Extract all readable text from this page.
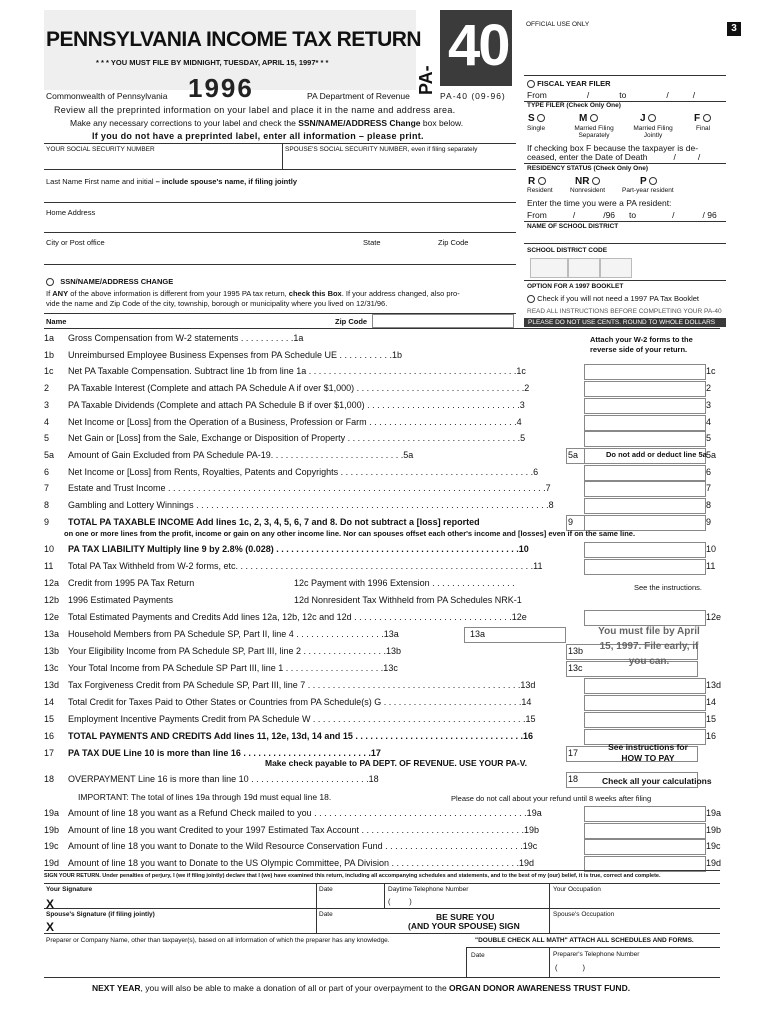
PENNSYLVANIA INCOME TAX RETURN
* * * YOU MUST FILE BY MIDNIGHT, TUESDAY, APRIL 15, 1997* * *
Commonwealth of Pennsylvania 1996	PA Department of Revenue	PA-40 (09-96)
PA-
40	OFFICIAL USE ONLY	3
FISCAL YEAR FILER
From	/	to	/	/
TYPE FILER (Check Only One)
S
Single
M
Married Filing Separately
J
Married Filing Jointly
F
Final
If checking box F because the taxpayer is de-
ceased, enter the Date of Death	/	/
RESIDENCY STATUS (Check Only One)
R
Resident
NR
Nonresident
P
Part-year resident
Enter the time you were a PA resident:
From	/	/96 to	/	/ 96
NAME OF SCHOOL DISTRICT
SCHOOL DISTRICT CODE
OPTION FOR A 1997 BOOKLET
Check if you will not need a 1997 PA Tax Booklet
READ ALL INSTRUCTIONS BEFORE COMPLETING YOUR PA-40
PLEASE DO NOT USE CENTS. ROUND TO WHOLE DOLLARS
Review all the preprinted information on your label and place it in the name and address area.
Make any necessary corrections to your label and check the SSN/NAME/ADDRESS Change box below.
If you do not have a preprinted label, enter all information – please print.
YOUR SOCIAL SECURITY NUMBER	SPOUSE'S SOCIAL SECURITY NUMBER, even if filing separately
Last Name First name and initial – include spouse's name, if filing jointly
Home Address
City or Post office	State	Zip Code
SSN/NAME/ADDRESS CHANGE
If ANY of the above information is different from your 1995 PA tax return, check this Box. If your address changed, also pro-
vide the name and Zip Code of the city, township, borough or municipality where you lived on 12/31/96.
Name	Zip Code
1a Gross Compensation from W-2 statements . . . . . . . . . . .1a
1b Unreimbursed Employee Business Expenses from PA Schedule UE . . . . . . . . . . .1b
1c Net PA Taxable Compensation. Subtract line 1b from line 1a . . . . . . . . . . . . . . . . . . . . . . . . . . . . . . . . . . . . . . . . . .1c	1c
2 PA Taxable Interest (Complete and attach PA Schedule A if over $1,000) . . . . . . . . . . . . . . . . . . . . . . . . . . . . . . . . . .2	2
3 PA Taxable Dividends (Complete and attach PA Schedule B if over $1,000) . . . . . . . . . . . . . . . . . . . . . . . . . . . . . . .3	3
4 Net Income or [Loss] from the Operation of a Business, Profession or Farm . . . . . . . . . . . . . . . . . . . . . . . . . . . . . .4	4
5 Net Gain or [Loss] from the Sale, Exchange or Disposition of Property . . . . . . . . . . . . . . . . . . . . . . . . . . . . . . . . . . .5	5
5a Amount of Gain Excluded from PA Schedule PA-19. . . . . . . . . . . . . . . . . . . . . . . . . . .5a	5a	5a
6 Net Income or [Loss] from Rents, Royalties, Patents and Copyrights . . . . . . . . . . . . . . . . . . . . . . . . . . . . . . . . . . . . . . .6	6
7 Estate and Trust Income . . . . . . . . . . . . . . . . . . . . . . . . . . . . . . . . . . . . . . . . . . . . . . . . . . . . . . . . . . . . . . . . . . . . . . . . . . . .7	7
8 Gambling and Lottery Winnings . . . . . . . . . . . . . . . . . . . . . . . . . . . . . . . . . . . . . . . . . . . . . . . . . . . . . . . . . . . . . . . . . . . . . . .8	8
9 TOTAL PA TAXABLE INCOME Add lines 1c, 2, 3, 4, 5, 6, 7 and 8. Do not subtract a [loss] reported	9	9
10 PA TAX LIABILITY Multiply line 9 by 2.8% (0.028) . . . . . . . . . . . . . . . . . . . . . . . . . . . . . . . . . . . . . . . . . . . . . . . . .10	10
11 Total PA Tax Withheld from W-2 forms, etc. . . . . . . . . . . . . . . . . . . . . . . . . . . . . . . . . . . . . . . . . . . . . . . . . . . . . . . . . . . .11	11
12a Credit from 1995 PA Tax Return	12c Payment with 1996 Extension . . . . . . . . . . . . . . . . .
12b 1996 Estimated Payments	12d Nonresident Tax Withheld from PA Schedules NRK-1
12e Total Estimated Payments and Credits Add lines 12a, 12b, 12c and 12d . . . . . . . . . . . . . . . . . . . . . . . . . . . . . . . .12e	12e
13a Household Members from PA Schedule SP, Part II, line 4 . . . . . . . . . . . . . . . . . .13a	13a
13b Your Eligibility Income from PA Schedule SP, Part III, line 2 . . . . . . . . . . . . . . . . .13b	13b
13c Your Total Income from PA Schedule SP Part III, line 1 . . . . . . . . . . . . . . . . . . . .13c	13c
13d Tax Forgiveness Credit from PA Schedule SP, Part III, line 7 . . . . . . . . . . . . . . . . . . . . . . . . . . . . . . . . . . . . . . . . . . .13d	13d
14 Total Credit for Taxes Paid to Other States or Countries from PA Schedule(s) G . . . . . . . . . . . . . . . . . . . . . . . . . . . .14	14
15 Employment Incentive Payments Credit from PA Schedule W . . . . . . . . . . . . . . . . . . . . . . . . . . . . . . . . . . . . . . . . . . .15	15
16 TOTAL PAYMENTS AND CREDITS Add lines 11, 12e, 13d, 14 and 15 . . . . . . . . . . . . . . . . . . . . . . . . . . . . . . . . . .16	16
17 PA TAX DUE Line 10 is more than line 16 . . . . . . . . . . . . . . . . . . . . . . . . . .17	17
18 OVERPAYMENT Line 16 is more than line 10 . . . . . . . . . . . . . . . . . . . . . . . .18	18
19a Amount of line 18 you want as a Refund Check mailed to you . . . . . . . . . . . . . . . . . . . . . . . . . . . . . . . . . . . . . . . . . . .19a	19a
19b Amount of line 18 you want Credited to your 1997 Estimated Tax Account . . . . . . . . . . . . . . . . . . . . . . . . . . . . . . . . .19b	19b
19c Amount of line 18 you want to Donate to the Wild Resource Conservation Fund . . . . . . . . . . . . . . . . . . . . . . . . . . . .19c	19c
19d Amount of line 18 you want to Donate to the US Olympic Committee, PA Division . . . . . . . . . . . . . . . . . . . . . . . . . .19d	19d
Attach your W-2 forms to the reverse side of your return.
Do not add or deduct line 5a
on one or more lines from the profit, income or gain on any other income line. Nor can spouses offset each other's income and [losses] even if on the same line.
See the instructions.
You must file by April 15, 1997. File early, if you can.
See instructions for HOW TO PAY
Make check payable to PA DEPT. OF REVENUE. USE YOUR PA-V.
Check all your calculations
IMPORTANT: The total of lines 19a through 19d must equal line 18.	Please do not call about your refund until 8 weeks after filing
SIGN YOUR RETURN. Under penalties of perjury, I (we if filing jointly) declare that I (we) have examined this return, including all accompanying schedules and statements, and to the best of my (our) belief, it is true, correct and complete.
Your Signature
X
Date	Daytime Telephone Number
(         )
Your Occupation
Spouse's Signature (if filing jointly)
X
Date	BE SURE YOU
(AND YOUR SPOUSE) SIGN
Spouse's Occupation
Preparer or Company Name, other than taxpayer(s), based on all information of which the preparer has any knowledge.	"DOUBLE CHECK ALL MATH" ATTACH ALL SCHEDULES AND FORMS.
Date	Preparer's Telephone Number
(            )
NEXT YEAR, you will also be able to make a donation of all or part of your overpayment to the ORGAN DONOR AWARENESS TRUST FUND.
